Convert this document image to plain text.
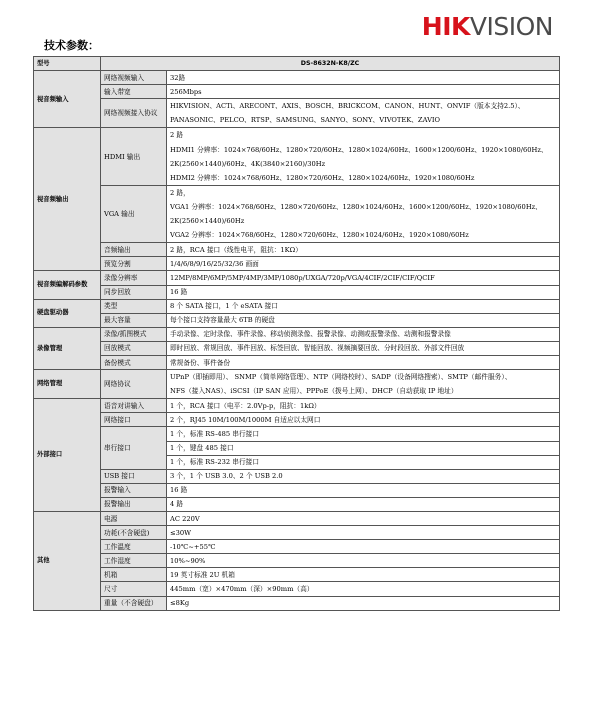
HIKVISION
技术参数：
型号	DS-8632N-K8/ZC	
视音频输入	网络视频输入	32路
	输入带宽	256Mbps
	网络视频接入协议	HIKVISION、ACTi、ARECONT、AXIS、BOSCH、BRICKCOM、CANON、HUNT、ONVIF（版本支持2.5）、
PANASONIC、PELCO、RTSP、SAMSUNG、SANYO、SONY、VIVOTEK、ZAVIO

视音频输出	HDMI 输出	2 路
HDMI1 分辨率：1024×768/60Hz、1280×720/60Hz、1280×1024/60Hz、1600×1200/60Hz、1920×1080/60Hz、
2K(2560×1440)/60Hz、4K(3840×2160)/30Hz
HDMI2 分辨率：1024×768/60Hz、1280×720/60Hz、1280×1024/60Hz、1920×1080/60Hz

	VGA 输出	2 路，
VGA1 分辨率：1024×768/60Hz、1280×720/60Hz、1280×1024/60Hz、1600×1200/60Hz、1920×1080/60Hz、
2K(2560×1440)/60Hz
VGA2 分辨率：1024×768/60Hz、1280×720/60Hz、1280×1024/60Hz、1920×1080/60Hz

	音频输出	2 路，RCA 接口（线性电平，阻抗：1KΩ）
	预览分割	1/4/6/8/9/16/25/32/36 画面
视音频编解码参数	录像分辨率	12MP/8MP/6MP/5MP/4MP/3MP/1080p/UXGA/720p/VGA/4CIF/2CIF/CIF/QCIF
	同步回放	16 路
硬盘驱动器	类型	8 个 SATA 接口，1 个 eSATA 接口
	最大容量	每个接口支持容量最大 6TB 的硬盘
录像管理	录像/抓图模式	手动录像、定时录像、事件录像、移动侦测录像、报警录像、动测或报警录像、动测和报警录像
	回放模式	即时回放、常规回放、事件回放、标签回放、智能回放、视频摘要回放、分时段回放、外部文件回放
	备份模式	常规备份、事件备份
网络管理	网络协议	UPnP（即插即用）、 SNMP（简单网络管理）、NTP（网络校时）、SADP（设备网络搜索）、SMTP（邮件服务）、
NFS（接入NAS）、iSCSI（IP SAN 应用）、PPPoE（拨号上网）、DHCP（自动获取 IP 地址）

外部接口	语音对讲输入	1 个，RCA 接口（电平：2.0Vp-p，阻抗：1kΩ）
	网络接口	2 个，RJ45 10M/100M/1000M 自适应以太网口
	串行接口	1 个，标准 RS-485 串行接口
		1 个，键盘 485 接口
		1 个，标准 RS-232 串行接口
	USB 接口	3 个，1 个 USB 3.0、2 个 USB 2.0
	报警输入	16 路
	报警输出	4 路
其他	电源	AC 220V
	功耗(不含硬盘)	≤30W
	工作温度	-10℃~+55℃
	工作湿度	10%~90%
	机箱	19 英寸标准 2U 机箱
	尺寸	445mm（宽）×470mm（深）×90mm（高）
	重量（不含硬盘）	≤8Kg
